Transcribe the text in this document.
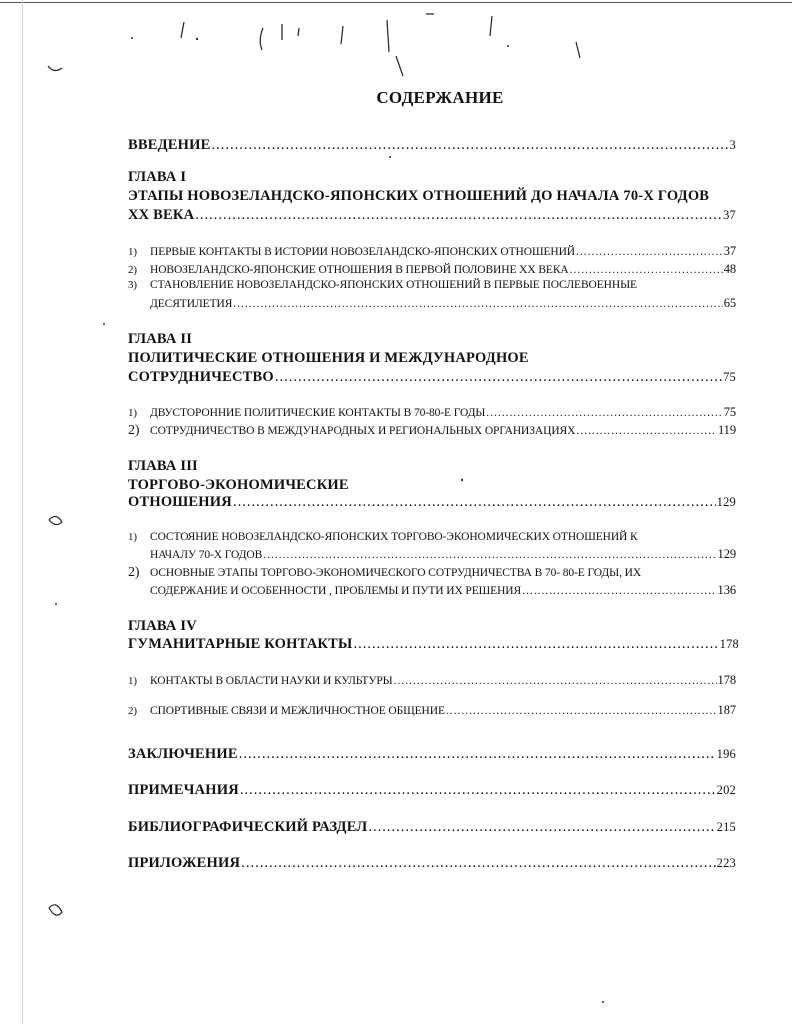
СОДЕРЖАНИЕ
ВВЕДЕНИЕ .....	3
ГЛАВА I
ЭТАПЫ НОВОЗЕЛАНДСКО-ЯПОНСКИХ ОТНОШЕНИЙ ДО НАЧАЛА 70-Х ГОДОВ
XX ВЕКА .....	37
1) ПЕРВЫЕ КОНТАКТЫ В ИСТОРИИ НОВОЗЕЛАНДСКО-ЯПОНСКИХ ОТНОШЕНИЙ .....	37
2) НОВОЗЕЛАНДСКО-ЯПОНСКИЕ ОТНОШЕНИЯ В ПЕРВОЙ ПОЛОВИНЕ XX ВЕКА .....	48
3) СТАНОВЛЕНИЕ НОВОЗЕЛАНДСКО-ЯПОНСКИХ ОТНОШЕНИЙ В ПЕРВЫЕ ПОСЛЕВОЕННЫЕ
ДЕСЯТИЛЕТИЯ .....	65
ГЛАВА II
ПОЛИТИЧЕСКИЕ ОТНОШЕНИЯ И МЕЖДУНАРОДНОЕ
СОТРУДНИЧЕСТВО .....	75
1) ДВУСТОРОННИЕ ПОЛИТИЧЕСКИЕ КОНТАКТЫ В 70-80-Е ГОДЫ .....	75
2) СОТРУДНИЧЕСТВО В МЕЖДУНАРОДНЫХ И РЕГИОНАЛЬНЫХ ОРГАНИЗАЦИЯХ .....	119
ГЛАВА III
ТОРГОВО-ЭКОНОМИЧЕСКИЕ
ОТНОШЕНИЯ .....	129
1) СОСТОЯНИЕ НОВОЗЕЛАНДСКО-ЯПОНСКИХ ТОРГОВО-ЭКОНОМИЧЕСКИХ ОТНОШЕНИЙ К
НАЧАЛУ 70-Х ГОДОВ .....	129
2) ОСНОВНЫЕ ЭТАПЫ ТОРГОВО-ЭКОНОМИЧЕСКОГО СОТРУДНИЧЕСТВА В 70- 80-Е ГОДЫ, ИХ
СОДЕРЖАНИЕ И ОСОБЕННОСТИ , ПРОБЛЕМЫ И ПУТИ ИХ РЕШЕНИЯ .....	136
ГЛАВА IV
ГУМАНИТАРНЫЕ КОНТАКТЫ .....	178
1) КОНТАКТЫ В ОБЛАСТИ НАУКИ И КУЛЬТУРЫ .....	178
2) СПОРТИВНЫЕ СВЯЗИ И МЕЖЛИЧНОСТНОЕ ОБЩЕНИЕ .....	187
ЗАКЛЮЧЕНИЕ .....	196
ПРИМЕЧАНИЯ .....	202
БИБЛИОГРАФИЧЕСКИЙ РАЗДЕЛ .....	215
ПРИЛОЖЕНИЯ .....	223
